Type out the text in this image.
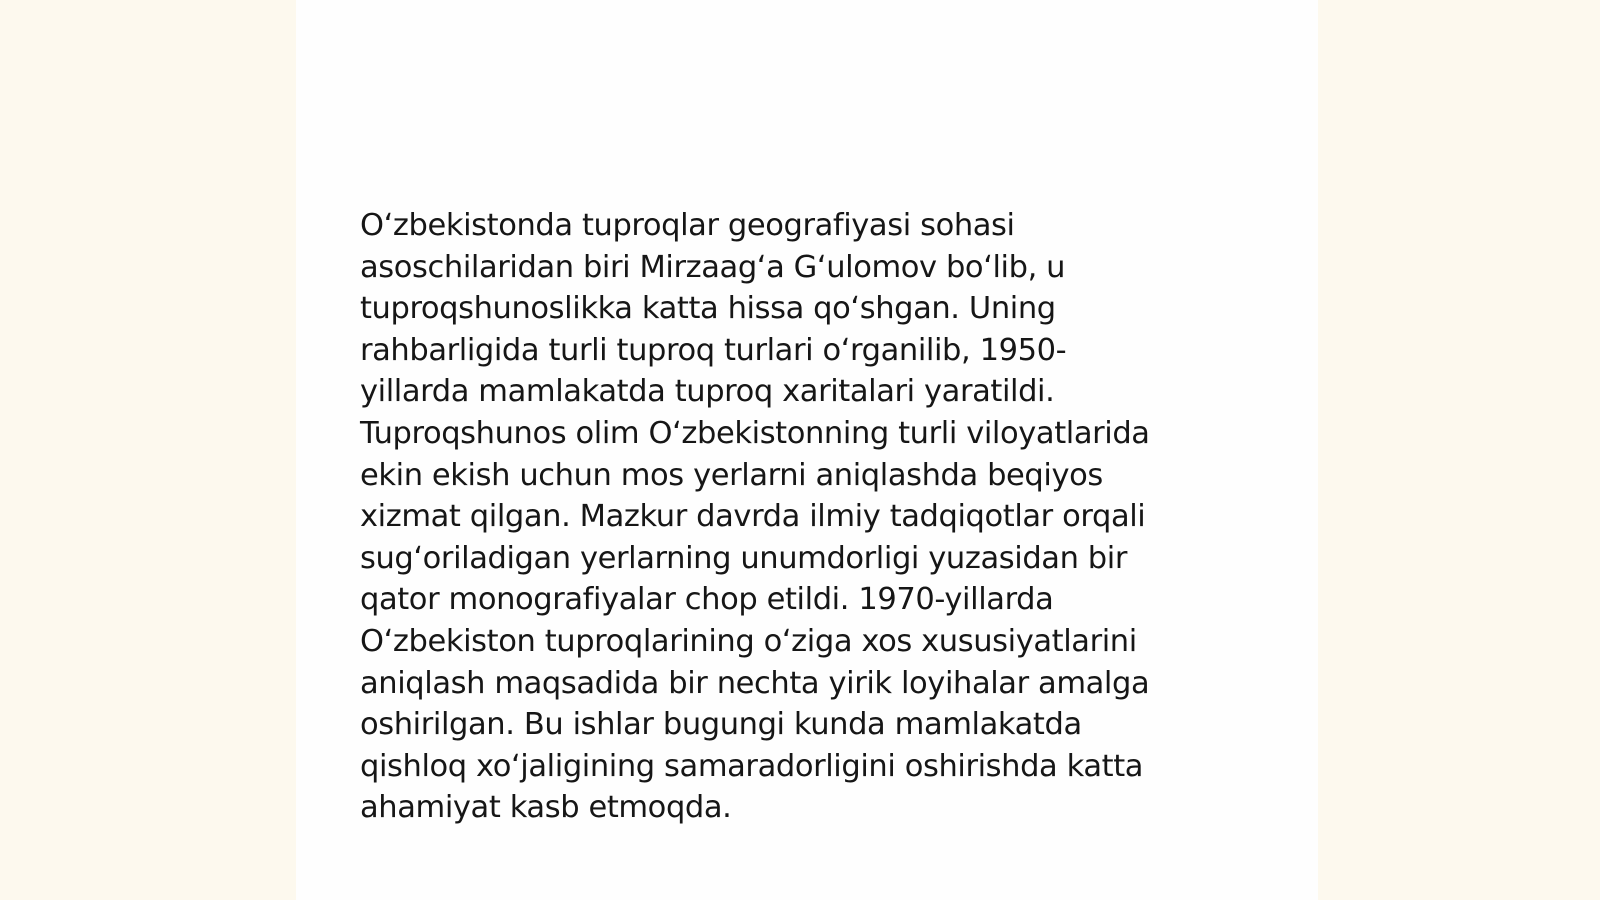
O‘zbekistonda tuproqlar geografiyasi sohasi
asoschilaridan biri Mirzaag‘a G‘ulomov bo‘lib, u
tuproqshunoslikka katta hissa qo‘shgan. Uning
rahbarligida turli tuproq turlari o‘rganilib, 1950-
yillarda mamlakatda tuproq xaritalari yaratildi.
Tuproqshunos olim O‘zbekistonning turli viloyatlarida
ekin ekish uchun mos yerlarni aniqlashda beqiyos
xizmat qilgan. Mazkur davrda ilmiy tadqiqotlar orqali
sug‘oriladigan yerlarning unumdorligi yuzasidan bir
qator monografiyalar chop etildi. 1970-yillarda
O‘zbekiston tuproqlarining o‘ziga xos xususiyatlarini
aniqlash maqsadida bir nechta yirik loyihalar amalga
oshirilgan. Bu ishlar bugungi kunda mamlakatda
qishloq xo‘jaligining samaradorligini oshirishda katta
ahamiyat kasb etmoqda.
